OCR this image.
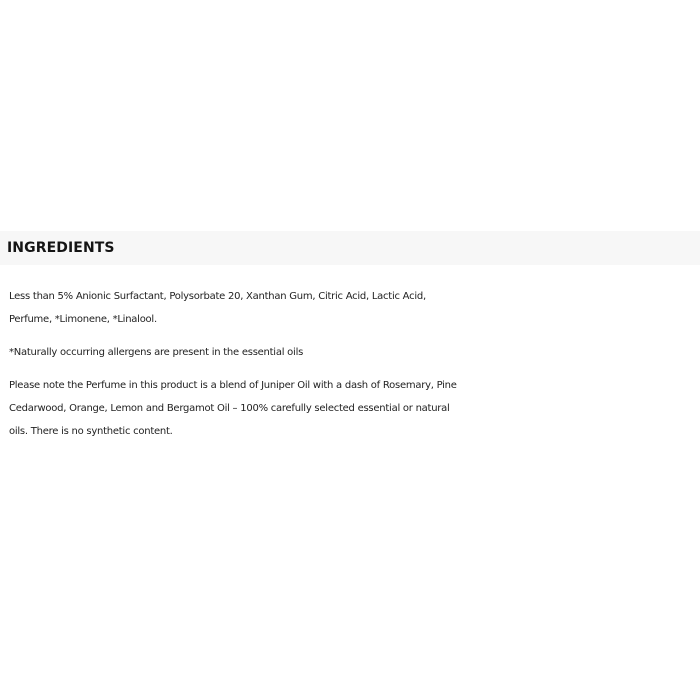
INGREDIENTS

Less than 5% Anionic Surfactant, Polysorbate 20, Xanthan Gum, Citric Acid, Lactic Acid,
Perfume, *Limonene, *Linalool.

*Naturally occurring allergens are present in the essential oils

Please note the Perfume in this product is a blend of Juniper Oil with a dash of Rosemary, Pine
Cedarwood, Orange, Lemon and Bergamot Oil – 100% carefully selected essential or natural
oils. There is no synthetic content.
